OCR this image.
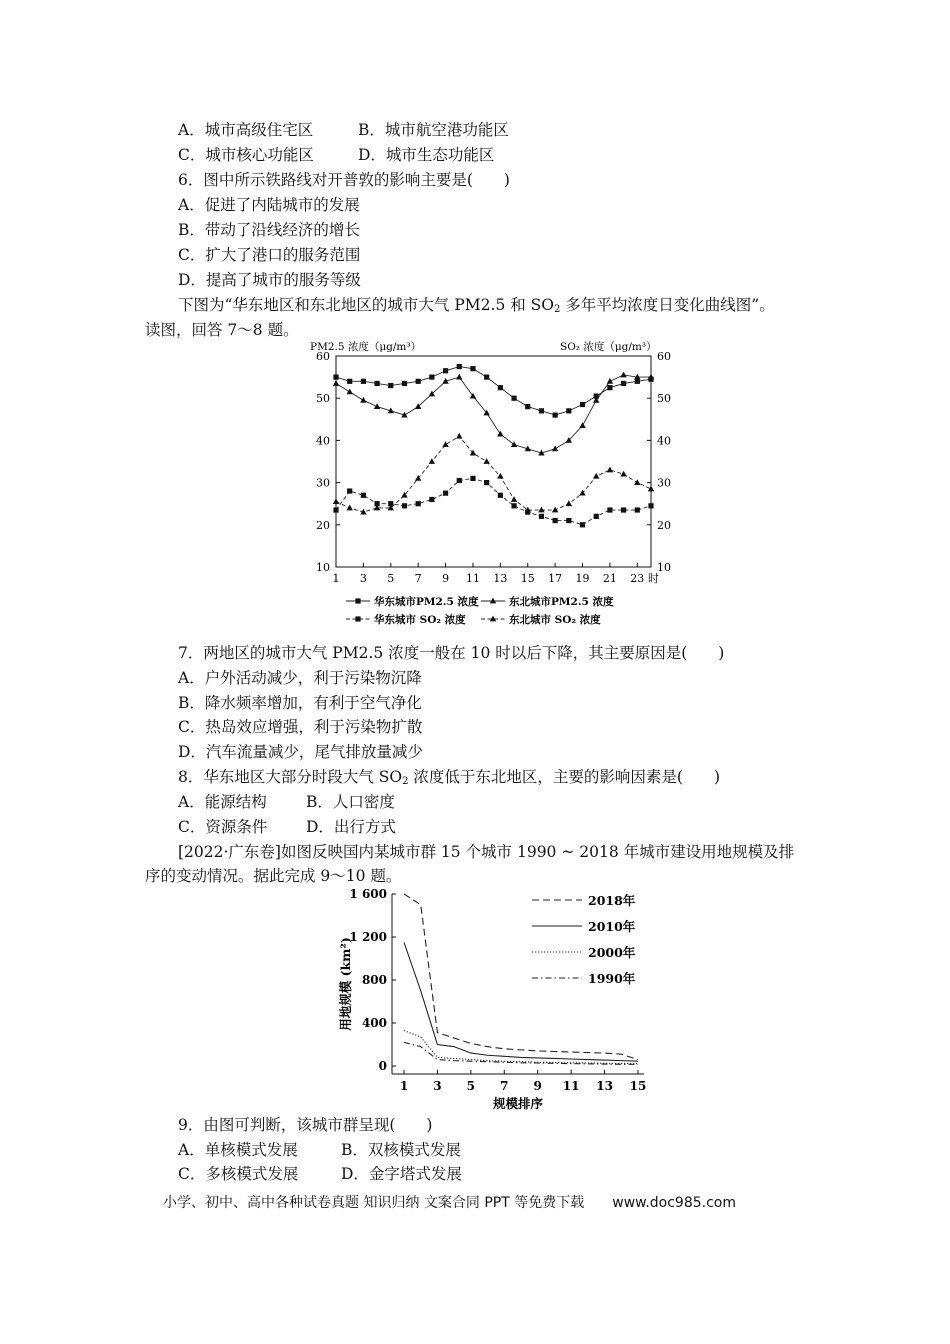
A．城市高级住宅区	B．城市航空港功能区
C．城市核心功能区	D．城市生态功能区
6．图中所示铁路线对开普敦的影响主要是(　　)
A．促进了内陆城市的发展
B．带动了沿线经济的增长
C．扩大了港口的服务范围
D．提高了城市的服务等级
下图为“华东地区和东北地区的城市大气 PM2.5 和 $SO_2$ 多年平均浓度日变化曲线图”。
读图，回答 7～8 题。
PM2.5 浓度（μg/m³）	SO₂ 浓度（μg/m³）
10	10
20	20
30	30
40	40
50	50
60	60
1 3 5 7 9 11 13 15 17 19 21 23 时
华东城市PM2.5 浓度	东北城市PM2.5 浓度
华东城市 SO₂ 浓度	东北城市 SO₂ 浓度
7．两地区的城市大气 PM2.5 浓度一般在 10 时以后下降，其主要原因是(　　)
A．户外活动减少，利于污染物沉降
B．降水频率增加，有利于空气净化
C．热岛效应增强，利于污染物扩散
D．汽车流量减少，尾气排放量减少
8．华东地区大部分时段大气 $SO_2$ 浓度低于东北地区，主要的影响因素是(　　)
A．能源结构	B．人口密度
C．资源条件 D．出行方式
[2022·广东卷]如图反映国内某城市群 15 个城市 1990 ~ 2018 年城市建设用地规模及排
序的变动情况。据此完成 9～10 题。
0
400
800
1 200
1 600
1 3 5 7 9 11 13 15
规模排序
用地规模 (km²)
2018年
2010年
2000年
1990年
9．由图可判断，该城市群呈现(　　)
A．单核模式发展	B．双核模式发展
C．多核模式发展	D．金字塔式发展
小学、初中、高中各种试卷真题 知识归纳 文案合同 PPT 等免费下载 www.doc985.com
